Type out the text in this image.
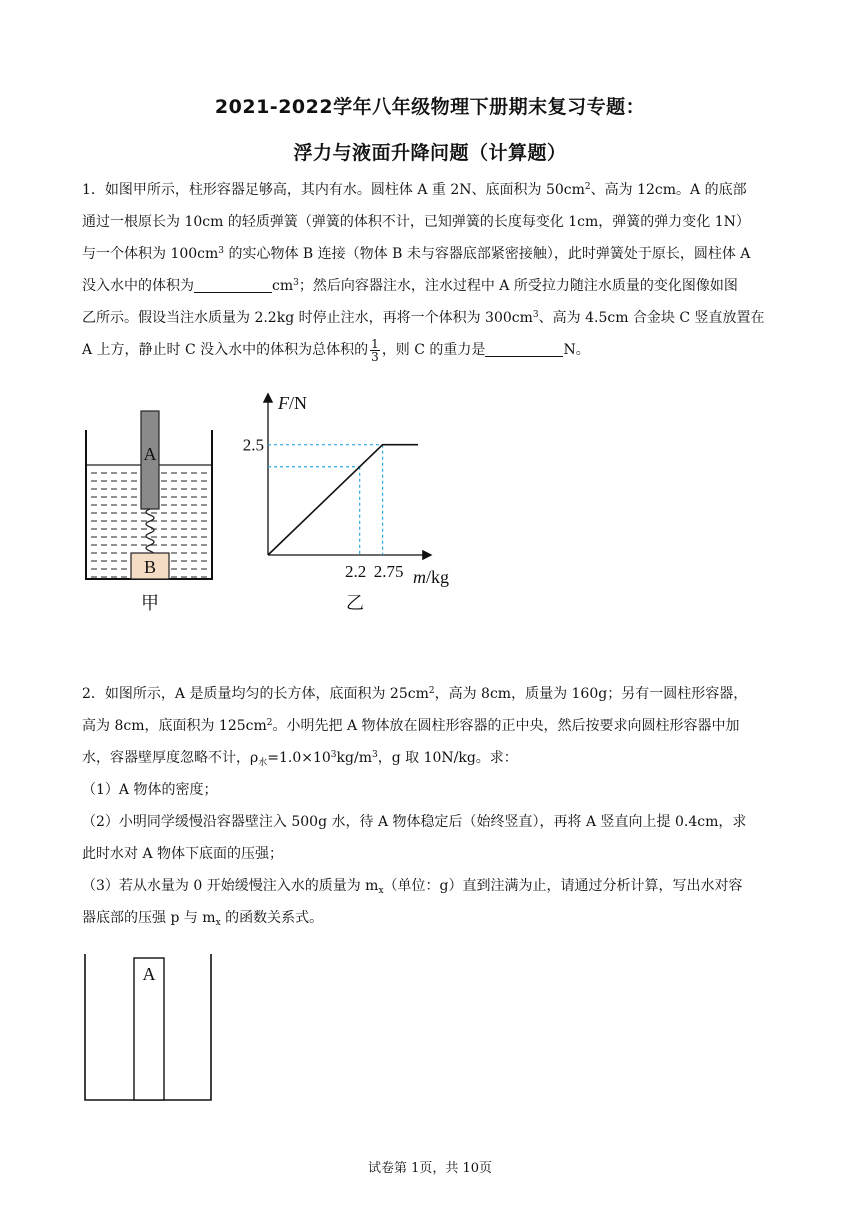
2021-2022学年八年级物理下册期末复习专题：
浮力与液面升降问题（计算题）
1．如图甲所示，柱形容器足够高，其内有水。圆柱体 A 重 2N、底面积为 $50cm^2$、高为 12cm。A 的底部
通过一根原长为 10cm 的轻质弹簧（弹簧的体积不计，已知弹簧的长度每变化 1cm，弹簧的弹力变化 1N）
与一个体积为 $100cm^3$ 的实心物体 B 连接（物体 B 未与容器底部紧密接触），此时弹簧处于原长，圆柱体 A
没入水中的体积为	$cm^3$；然后向容器注水，注水过程中 A 所受拉力随注水质量的变化图像如图
乙所示。假设当注水质量为 2.2kg 时停止注水，再将一个体积为 $300cm^3$、高为 4.5cm 合金块 C 竖直放置在
A 上方，静止时 C 没入水中的体积为总体积的 $\frac{1}{3}$ ，则 C 的重力是	N。
A
B
甲
F/N
m/kg
2.2 2.75
2.5
乙
2．如图所示，A 是质量均匀的长方体，底面积为 $25cm^2$，高为 8cm，质量为 160g；另有一圆柱形容器，
高为 8cm，底面积为 $125cm^2$。小明先把 A 物体放在圆柱形容器的正中央，然后按要求向圆柱形容器中加
水，容器壁厚度忽略不计，$\rho_水=1.0\times 10^3kg/m^3$，g 取 10N/kg。求：
（1）A 物体的密度；
（2）小明同学缓慢沿容器壁注入 500g 水，待 A 物体稳定后（始终竖直），再将 A 竖直向上提 0.4cm，求
此时水对 A 物体下底面的压强；
（3）若从水量为 0 开始缓慢注入水的质量为 $m_x$（单位：g）直到注满为止，请通过分析计算，写出水对容
器底部的压强 p 与 $m_x$ 的函数关系式。
A
试卷第 1页，共 10页
